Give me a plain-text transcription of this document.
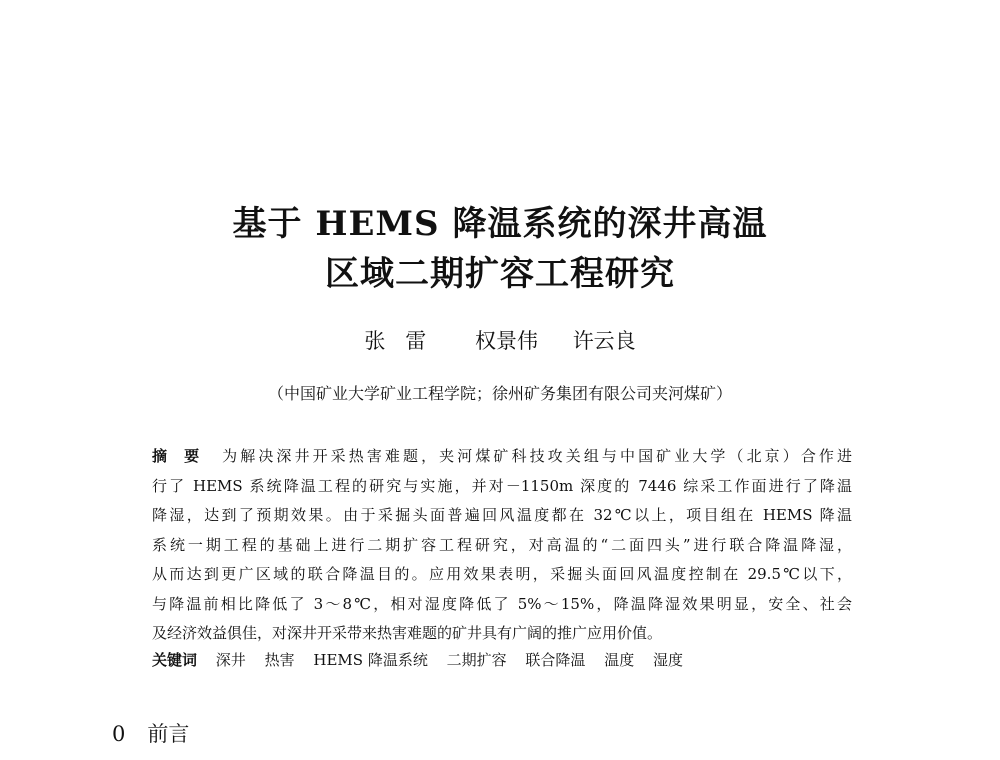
基于 HEMS 降温系统的深井高温
区域二期扩容工程研究
张雷 权景伟 许云良
（中国矿业大学矿业工程学院；徐州矿务集团有限公司夹河煤矿）
摘要 为解决深井开采热害难题，夹河煤矿科技攻关组与中国矿业大学（北京）合作进
行了 HEMS 系统降温工程的研究与实施，并对－1150m 深度的 7446 综采工作面进行了降温
降湿，达到了预期效果。由于采掘头面普遍回风温度都在 32℃以上，项目组在 HEMS 降温
系统一期工程的基础上进行二期扩容工程研究，对高温的“二面四头”进行联合降温降湿，
从而达到更广区域的联合降温目的。应用效果表明，采掘头面回风温度控制在 29.5℃以下，
与降温前相比降低了 3～8℃，相对湿度降低了 5%～15%，降温降湿效果明显，安全、社会
及经济效益俱佳，对深井开采带来热害难题的矿井具有广阔的推广应用价值。
关键词 深井 热害 HEMS 降温系统 二期扩容 联合降温 温度 湿度
0 前言
